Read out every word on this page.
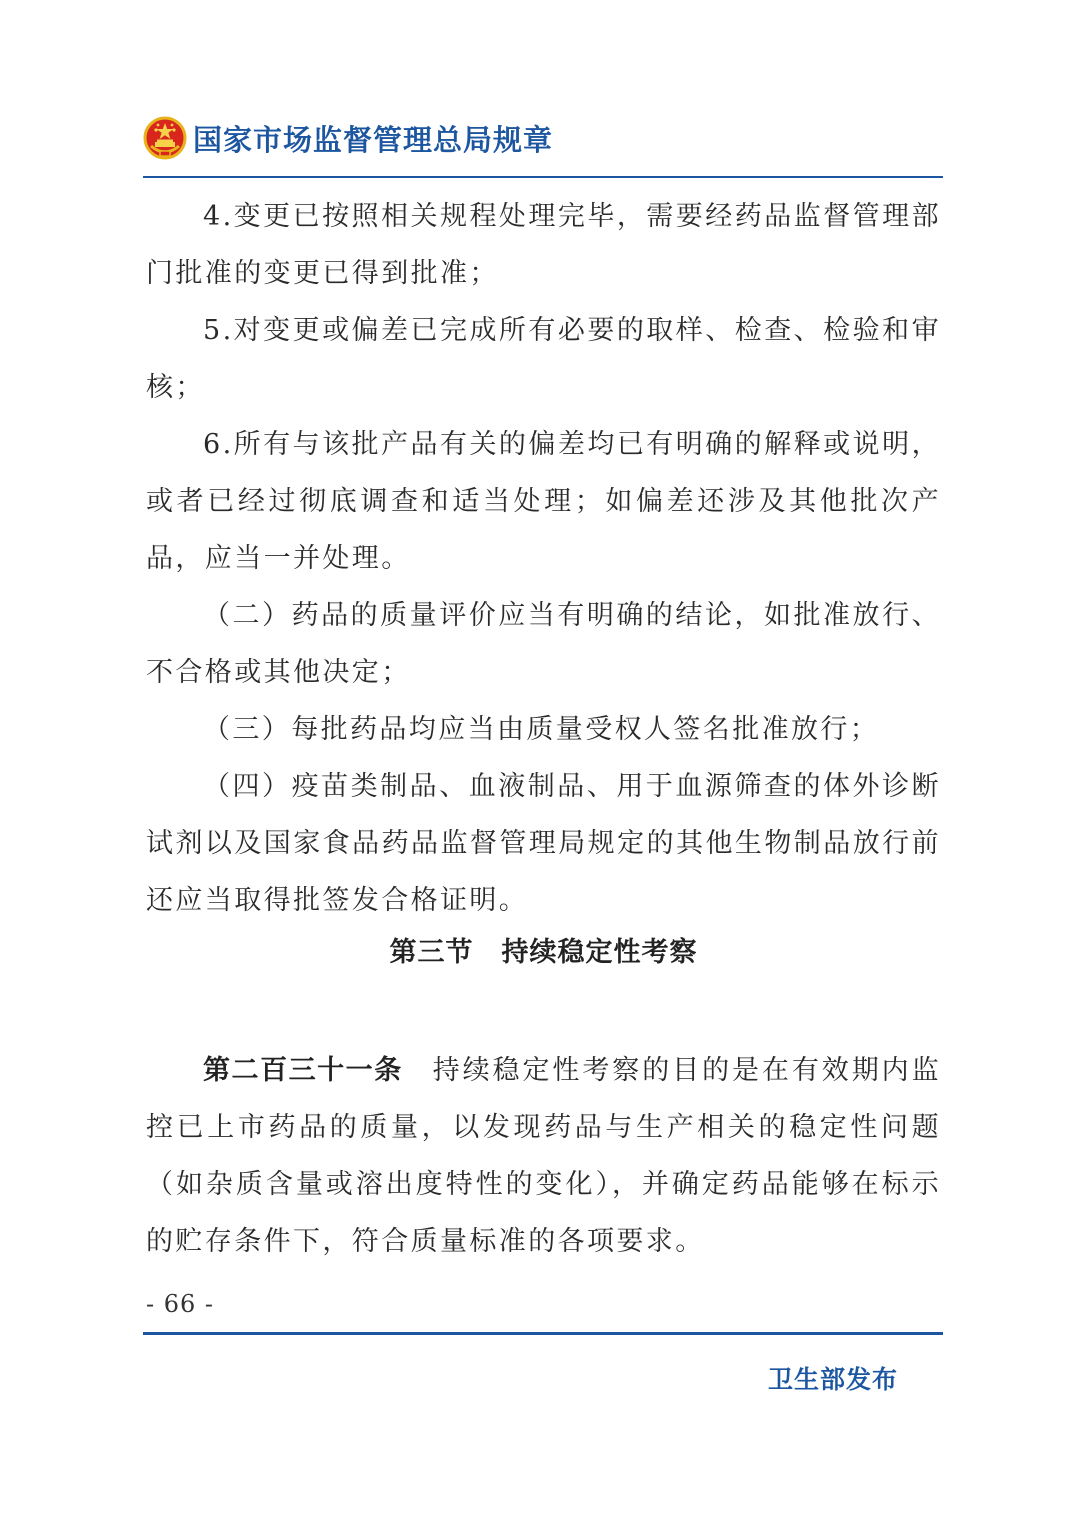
国家市场监督管理总局规章

4.变更已按照相关规程处理完毕，需要经药品监督管理部门批准的变更已得到批准；

5.对变更或偏差已完成所有必要的取样、检查、检验和审核；

6.所有与该批产品有关的偏差均已有明确的解释或说明，或者已经过彻底调查和适当处理；如偏差还涉及其他批次产品，应当一并处理。

（二）药品的质量评价应当有明确的结论，如批准放行、不合格或其他决定；

（三）每批药品均应当由质量受权人签名批准放行；

（四）疫苗类制品、血液制品、用于血源筛查的体外诊断试剂以及国家食品药品监督管理局规定的其他生物制品放行前还应当取得批签发合格证明。

第三节　持续稳定性考察

第二百三十一条　 持续稳定性考察的目的是在有效期内监控已上市药品的质量，以发现药品与生产相关的稳定性问题（如杂质含量或溶出度特性的变化），并确定药品能够在标示的贮存条件下，符合质量标准的各项要求。

- 66 -
卫生部发布
